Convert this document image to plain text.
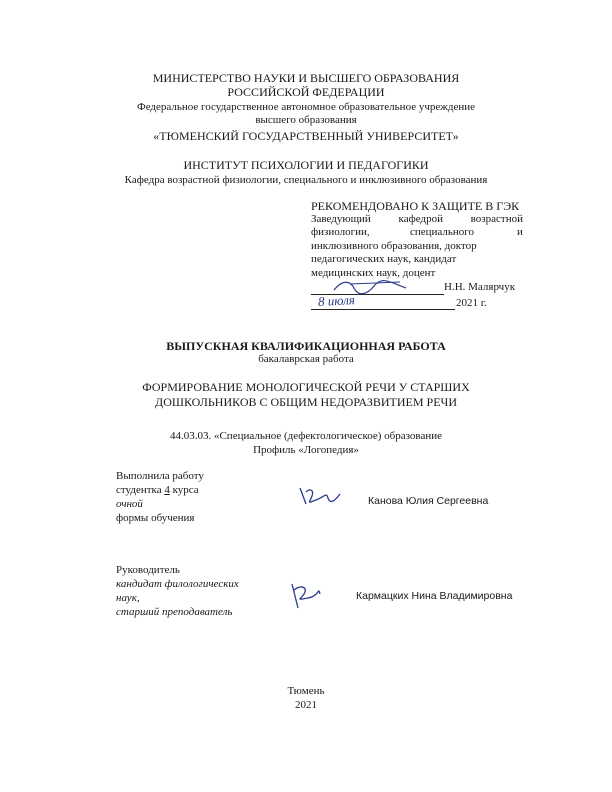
МИНИСТЕРСТВО НАУКИ И ВЫСШЕГО ОБРАЗОВАНИЯ
РОССИЙСКОЙ ФЕДЕРАЦИИ
Федеральное государственное автономное образовательное учреждение
высшего образования
«ТЮМЕНСКИЙ ГОСУДАРСТВЕННЫЙ УНИВЕРСИТЕТ»
ИНСТИТУТ ПСИХОЛОГИИ И ПЕДАГОГИКИ
Кафедра возрастной физиологии, специального и инклюзивного образования
РЕКОМЕНДОВАНО К ЗАЩИТЕ В ГЭК
Заведующий кафедрой возрастной
физиологии,	специального	и
инклюзивного образования, доктор
педагогических наук, кандидат
медицинских наук, доцент
Н.Н. Малярчук
8 июля	2021 г.
ВЫПУСКНАЯ КВАЛИФИКАЦИОННАЯ РАБОТА
бакалаврская работа
ФОРМИРОВАНИЕ МОНОЛОГИЧЕСКОЙ РЕЧИ У СТАРШИХ
ДОШКОЛЬНИКОВ С ОБЩИМ НЕДОРАЗВИТИЕМ РЕЧИ
44.03.03. «Специальное (дефектологическое) образование
Профиль «Логопедия»
Выполнила работу
студентка 4 курса
очной
формы обучения
Канова Юлия Сергеевна
Руководитель
кандидат филологических
наук,
старший преподаватель
Кармацких Нина Владимировна
Тюмень
2021
